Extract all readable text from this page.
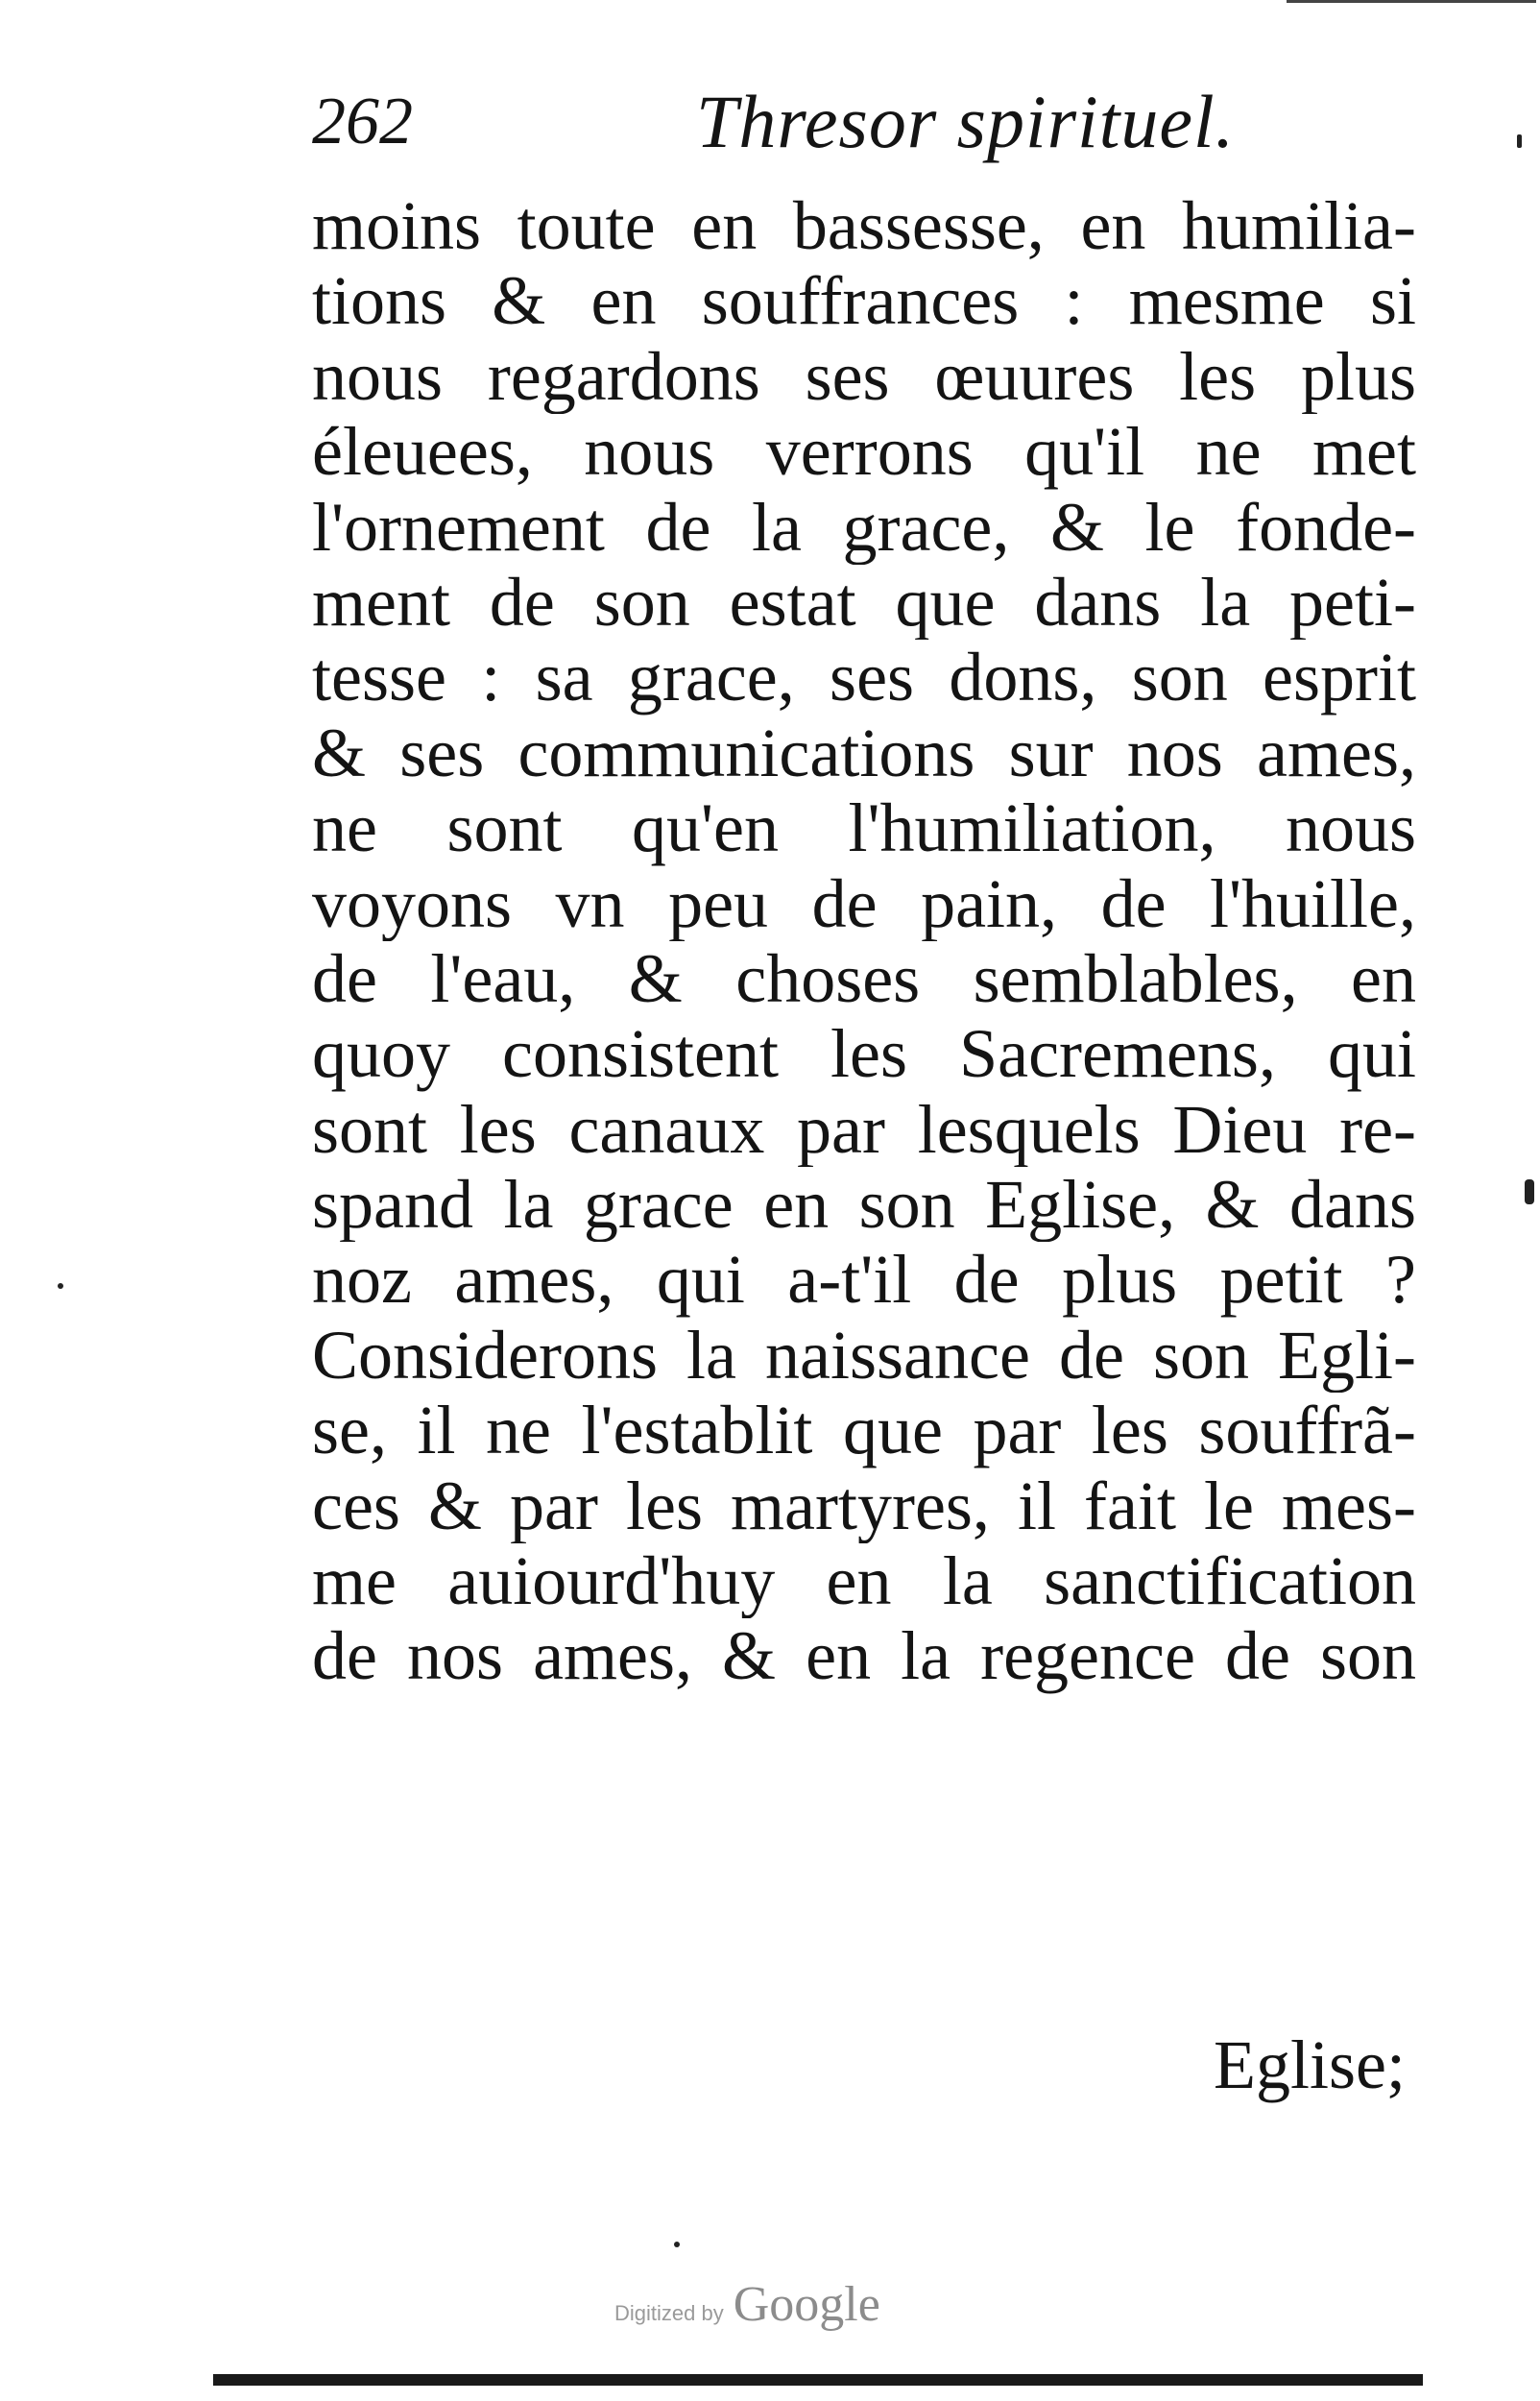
262	Thresor spirituel.
moins toute en bassesse, en humilia-
tions & en souffrances : mesme si
nous regardons ses œuures les plus
éleuees, nous verrons qu'il ne met
l'ornement de la grace, & le fonde-
ment de son estat que dans la peti-
tesse : sa grace, ses dons, son esprit
& ses communications sur nos ames,
ne sont qu'en l'humiliation, nous
voyons vn peu de pain, de l'huille,
de l'eau, & choses semblables, en
quoy consistent les Sacremens, qui
sont les canaux par lesquels Dieu re-
spand la grace en son Eglise, & dans
noz ames, qui a-t'il de plus petit ?
Considerons la naissance de son Egli-
se, il ne l'establit que par les souffrã-
ces & par les martyres, il fait le mes-
me auiourd'huy en la sanctification
de nos ames, & en la regence de son
Eglise;
Digitized by Google
